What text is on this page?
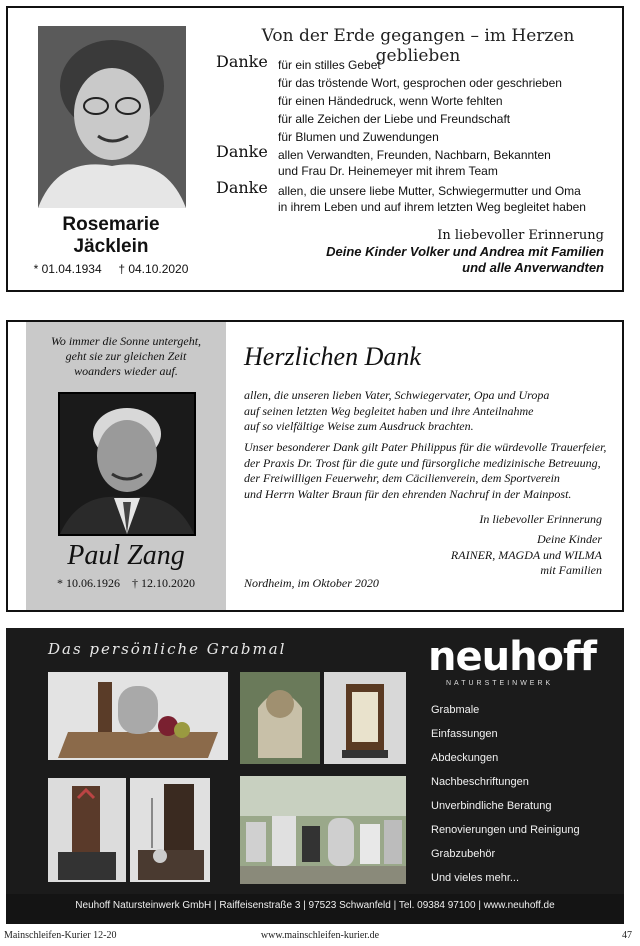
Rosemarie
Jäcklein
* 01.04.1934 † 04.10.2020
Von der Erde gegangen – im Herzen geblieben
Danke für ein stilles Gebet
für das tröstende Wort, gesprochen oder geschrieben
für einen Händedruck, wenn Worte fehlten
für alle Zeichen der Liebe und Freundschaft
für Blumen und Zuwendungen
Danke allen Verwandten, Freunden, Nachbarn, Bekannten
und Frau Dr. Heinemeyer mit ihrem Team
Danke allen, die unsere liebe Mutter, Schwiegermutter und Oma
in ihrem Leben und auf ihrem letzten Weg begleitet haben
In liebevoller Erinnerung
Deine Kinder Volker und Andrea mit Familien
und alle Anverwandten
Wo immer die Sonne untergeht,
geht sie zur gleichen Zeit
woanders wieder auf.
Paul Zang
* 10.06.1926 † 12.10.2020
Herzlichen Dank
allen, die unseren lieben Vater, Schwiegervater, Opa und Uropa
auf seinen letzten Weg begleitet haben und ihre Anteilnahme
auf so vielfältige Weise zum Ausdruck brachten.
Unser besonderer Dank gilt Pater Philippus für die würdevolle Trauerfeier,
der Praxis Dr. Trost für die gute und fürsorgliche medizinische Betreuung,
der Freiwilligen Feuerwehr, dem Cäcilienverein, dem Sportverein
und Herrn Walter Braun für den ehrenden Nachruf in der Mainpost.
In liebevoller Erinnerung
Deine Kinder
RAINER, MAGDA und WILMA
mit Familien
Nordheim, im Oktober 2020
Das persönliche Grabmal	neuhoff
NATURSTEINWERK
Grabmale
Einfassungen
Abdeckungen
Nachbeschriftungen
Unverbindliche Beratung
Renovierungen und Reinigung
Grabzubehör
Und vieles mehr...
Neuhoff Natursteinwerk GmbH | Raiffeisenstraße 3 | 97523 Schwanfeld | Tel. 09384 97100 | www.neuhoff.de
Mainschleifen-Kurier 12-20	www.mainschleifen-kurier.de	47
